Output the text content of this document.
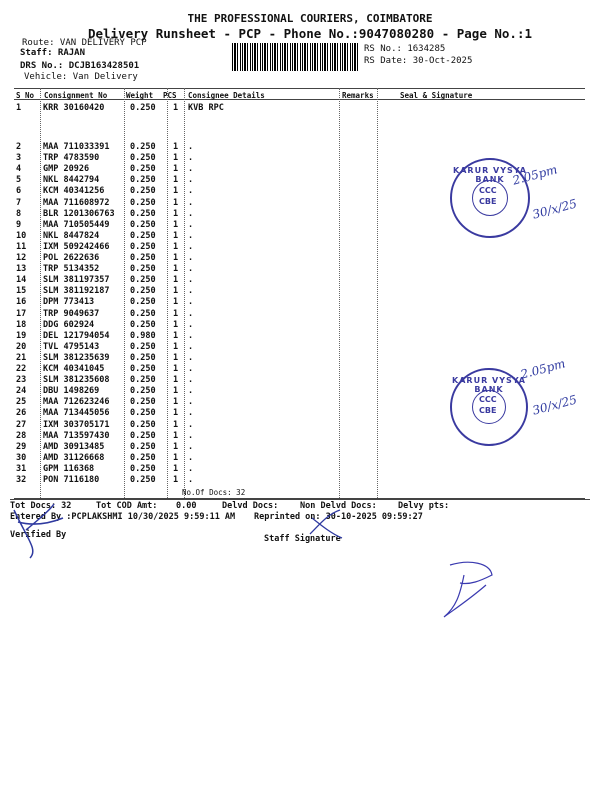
THE PROFESSIONAL COURIERS, COIMBATORE
Delivery Runsheet - PCP - Phone No.:9047080280 - Page No.:1
Route: VAN DELIVERY PCP
Staff: RAJAN
DRS No.: DCJB163428501
Vehicle: Van Delivery
RS No.: 1634285
RS Date: 30-Oct-2025
S No Consignment No	Weight PCS Consignee Details	Remarks	Seal & Signature
1	KRR 30160420	0.250 1 KVB RPC
2	MAA 711033391 0.250 1 .
3	TRP 4783590	0.250 1 .
4	GMP 20926	0.250 1 .
5	NKL 8442794	0.250 1 .
6	KCM 40341256	0.250 1 .
7	MAA 711608972 0.250 1 .
8	BLR 1201306763 0.250 1 .
9	MAA 710505449 0.250 1 .
10 NKL 8447824	0.250 1 .
11 IXM 509242466 0.250 1 .
12 POL 2622636	0.250 1 .
13 TRP 5134352	0.250 1 .
14 SLM 381197357 0.250 1 .
15 SLM 381192187 0.250 1 .
16 DPM 773413	0.250 1 .
17 TRP 9049637	0.250 1 .
18 DDG 602924	0.250 1 .
19 DEL 121794054 0.980 1 .
20 TVL 4795143	0.250 1 .
21 SLM 381235639 0.250 1 .
22 KCM 40341045	0.250 1 .
23 SLM 381235608 0.250 1 .
24 DBU 1498269	0.250 1 .
25 MAA 712623246 0.250 1 .
26 MAA 713445056 0.250 1 .
27 IXM 303705171 0.250 1 .
28 MAA 713597430 0.250 1 .
29 AMD 30913485	0.250 1 .
30 AMD 31126668	0.250 1 .
31 GPM 116368	0.250 1 .
32 PON 7116180	0.250 1 .
No.Of Docs: 32
KARUR VYSYA BANK
CCC
CBE
2.05pm
30/x/25
KARUR VYSYA BANK
CCC
CBE
2.05pm
30/x/25
Tot Docs: 32	Tot COD Amt: 0.00	Delvd Docs:	Non Delvd Docs: Delvy pts:
Entered By :PCPLAKSHMI 10/30/2025 9:59:11 AM Reprinted on: 30-10-2025 09:59:27
Verified By	Staff Signature
